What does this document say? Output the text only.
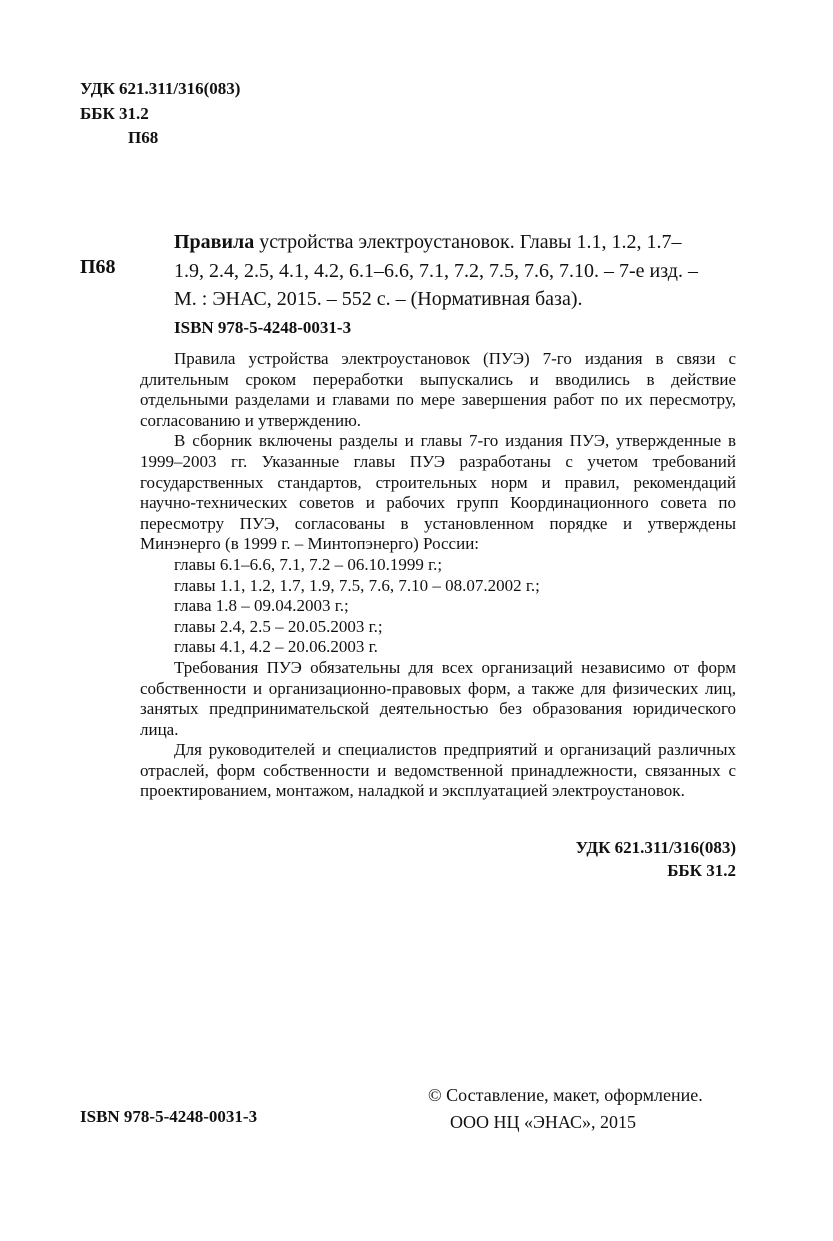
УДК 621.311/316(083)
ББК 31.2
П68
П68
Правила устройства электроустановок. Главы 1.1, 1.2, 1.7–
1.9, 2.4, 2.5, 4.1, 4.2, 6.1–6.6, 7.1, 7.2, 7.5, 7.6, 7.10. – 7-е изд. –
М. : ЭНАС, 2015. – 552 с. – (Нормативная база).
ISBN 978-5-4248-0031-3

Правила устройства электроустановок (ПУЭ) 7-го издания в связи с длительным сроком переработки выпускались и вводились в действие отдельными разделами и главами по мере завершения работ по их пересмотру, согласованию и утверждению.

В сборник включены разделы и главы 7-го издания ПУЭ, утвержденные в 1999–2003 гг. Указанные главы ПУЭ разработаны с учетом требований государственных стандартов, строительных норм и правил, рекомендаций научно-технических советов и рабочих групп Координационного совета по пересмотру ПУЭ, согласованы в установленном порядке и утверждены Минэнерго (в 1999 г. – Минтопэнерго) России:

главы 6.1–6.6, 7.1, 7.2 – 06.10.1999 г.;
главы 1.1, 1.2, 1.7, 1.9, 7.5, 7.6, 7.10 – 08.07.2002 г.;
глава 1.8 – 09.04.2003 г.;
главы 2.4, 2.5 – 20.05.2003 г.;
главы 4.1, 4.2 – 20.06.2003 г.

Требования ПУЭ обязательны для всех организаций независимо от форм собственности и организационно-правовых форм, а также для физических лиц, занятых предпринимательской деятельностью без образования юридического лица.

Для руководителей и специалистов предприятий и организаций различных отраслей, форм собственности и ведомственной принадлежности, связанных с проектированием, монтажом, наладкой и эксплуатацией электроустановок.

УДК 621.311/316(083)
ББК 31.2
ISBN 978-5-4248-0031-3
© Составление, макет, оформление.
ООО НЦ «ЭНАС», 2015
